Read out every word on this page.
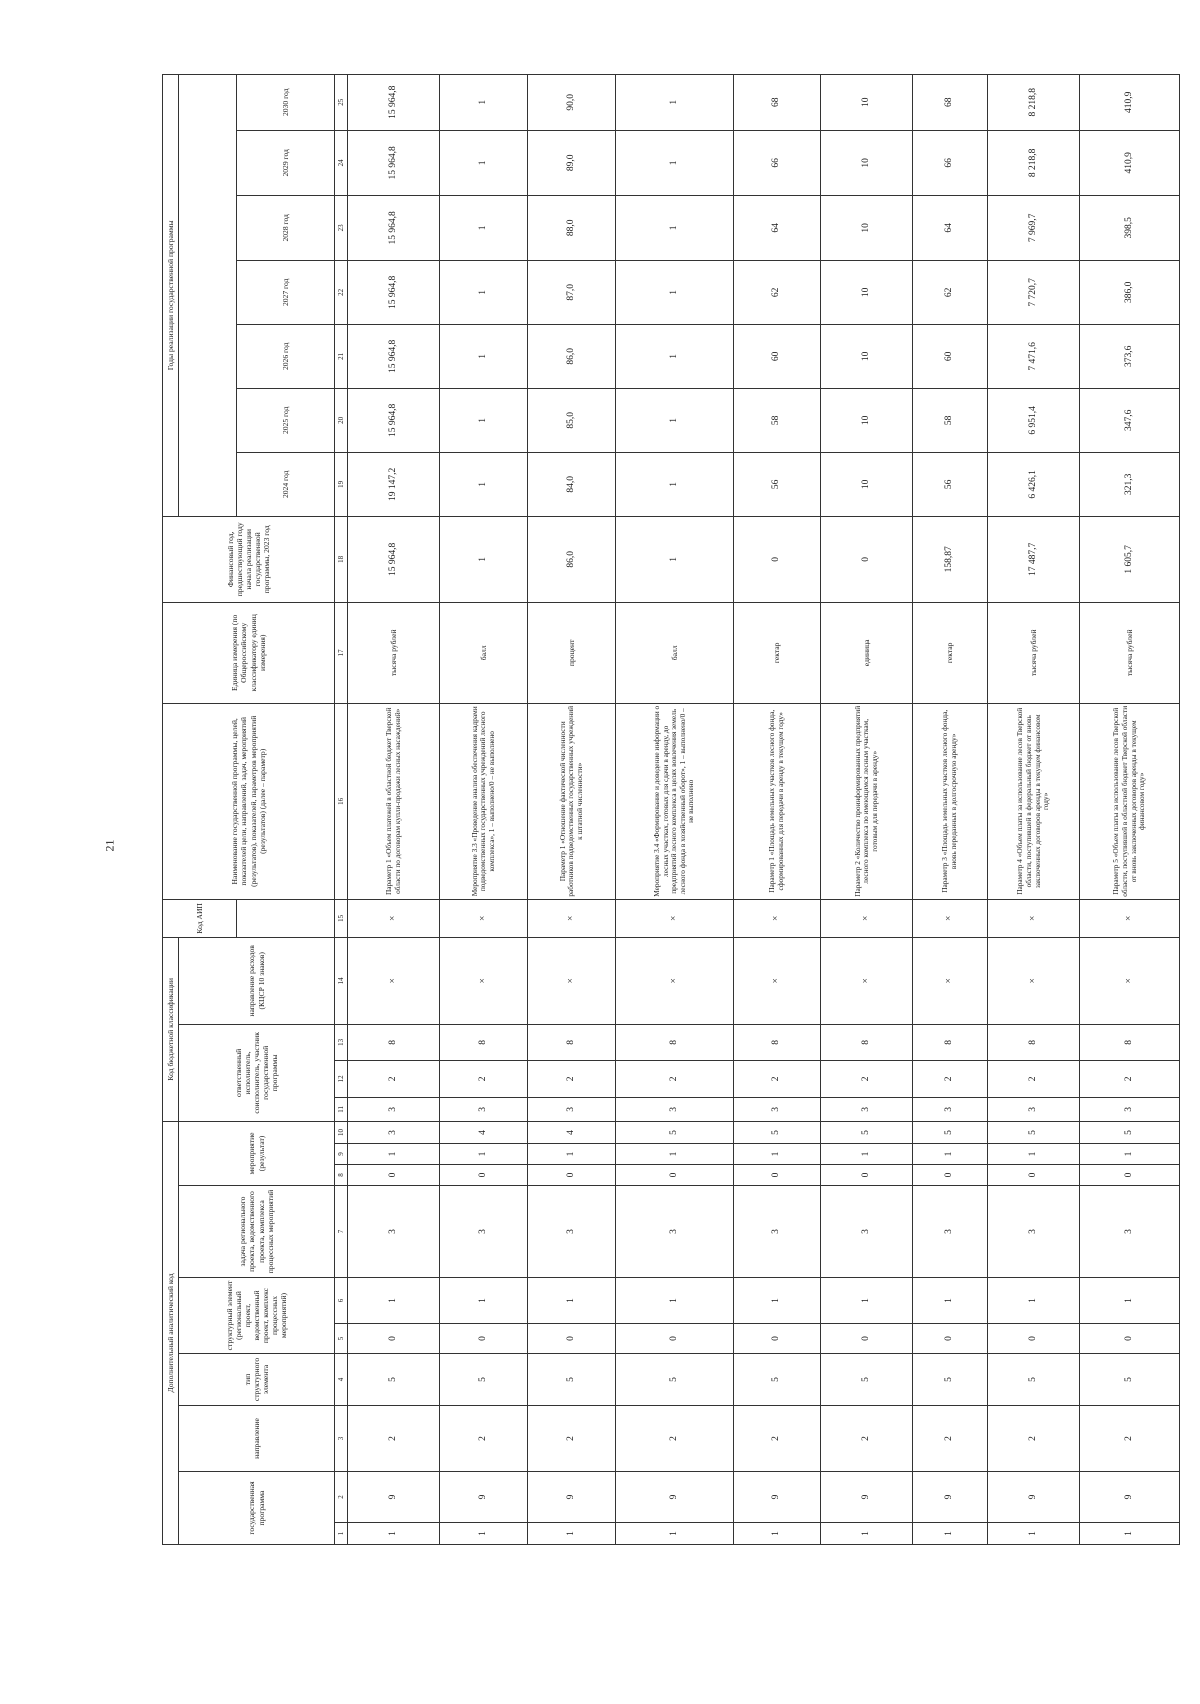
21
Дополнительный аналитический код										Код бюджетной классификации				Код АИП	Наименование государственной программы, целей, показателей цели, направлений, задач, мероприятий (результатов), показателей, параметров мероприятий (результатов) (далее – параметр)	Единица измерения (по Общероссийскому классификатору единиц измерения)	Финансовый год, предшествующий году начала реализации государственной программы, 2023 год	Годы реализации государственной программы						
государственная программа		направление	тип структурного элемента	структурный элемент (региональный проект, ведомственный проект, комплекс процессных мероприятий)		задача регионального проекта, ведомственного проекта, комплекса процессных мероприятий	мероприятие (результат)			ответственный исполнитель, соисполнитель, участник государственной программы			направление расходов (КЦСР 10 знаков)											
																		2024 год	2025 год	2026 год	2027 год	2028 год	2029 год	2030 год
1	2	3	4	5	6	7	8	9	10	11	12	13	14	15	16	17	18	19	20	21	22	23	24	25
1	9	2	5	0	1	3	0	1	3	3	2	8	×	×	Параметр 1 «Объем платежей в областной бюджет Тверской области по договорам купли-продажи лесных насаждений»	тысяча рублей	15 964,8	19 147,2	15 964,8	15 964,8	15 964,8	15 964,8	15 964,8	15 964,8
1	9	2	5	0	1	3	0	1	4	3	2	8	×	×	Мероприятие 3.3 «Проведение анализа обеспечения кадрами подведомственных государственных учреждений лесного комплекса», 1 – выполнено/0 – не выполнено	балл	1	1	1	1	1	1	1	1
1	9	2	5	0	1	3	0	1	4	3	2	8	×	×	Параметр 1 «Отношение фактической численности работников подведомственных государственных учреждений к штатной численности»	процент	86,0	84,0	85,0	86,0	87,0	88,0	89,0	90,0
1	9	2	5	0	1	3	0	1	5	3	2	8	×	×	Мероприятие 3.4 «Формирование и доведение информации о лесных участках, готовых для сдачи в аренду, до предприятий лесного комплекса в целях вовлечения земель лесного фонда в хозяйственный оборот», 1 – выполнено/0 – не выполнено	балл	1	1	1	1	1	1	1	1
1	9	2	5	0	1	3	0	1	5	3	2	8	×	×	Параметр 1 «Площадь земельных участков лесного фонда, сформированных для передачи в аренду в текущем году»	гектар	0	56	58	60	62	64	66	68
1	9	2	5	0	1	3	0	1	5	3	2	8	×	×	Параметр 2 «Количество проинформированных предприятий лесного комплекса по имеющимся лесным участкам, готовым для передачи в аренду»	единица	0	10	10	10	10	10	10	10
1	9	2	5	0	1	3	0	1	5	3	2	8	×	×	Параметр 3 «Площадь земельных участков лесного фонда, вновь переданных в долгосрочную аренду»	гектар	158,87	56	58	60	62	64	66	68
1	9	2	5	0	1	3	0	1	5	3	2	8	×	×	Параметр 4 «Объем платы за использование лесов Тверской области, поступившей в федеральный бюджет от вновь заключенных договоров аренды в текущем финансовом году»	тысяча рублей	17 487,7	6 426,1	6 951,4	7 471,6	7 720,7	7 969,7	8 218,8	8 218,8
1	9	2	5	0	1	3	0	1	5	3	2	8	×	×	Параметр 5 «Объем платы за использование лесов Тверской области, поступившей в областной бюджет Тверской области от вновь заключенных договоров аренды в текущем финансовом году»	тысяча рублей	1 605,7	321,3	347,6	373,6	386,0	398,5	410,9	410,9
